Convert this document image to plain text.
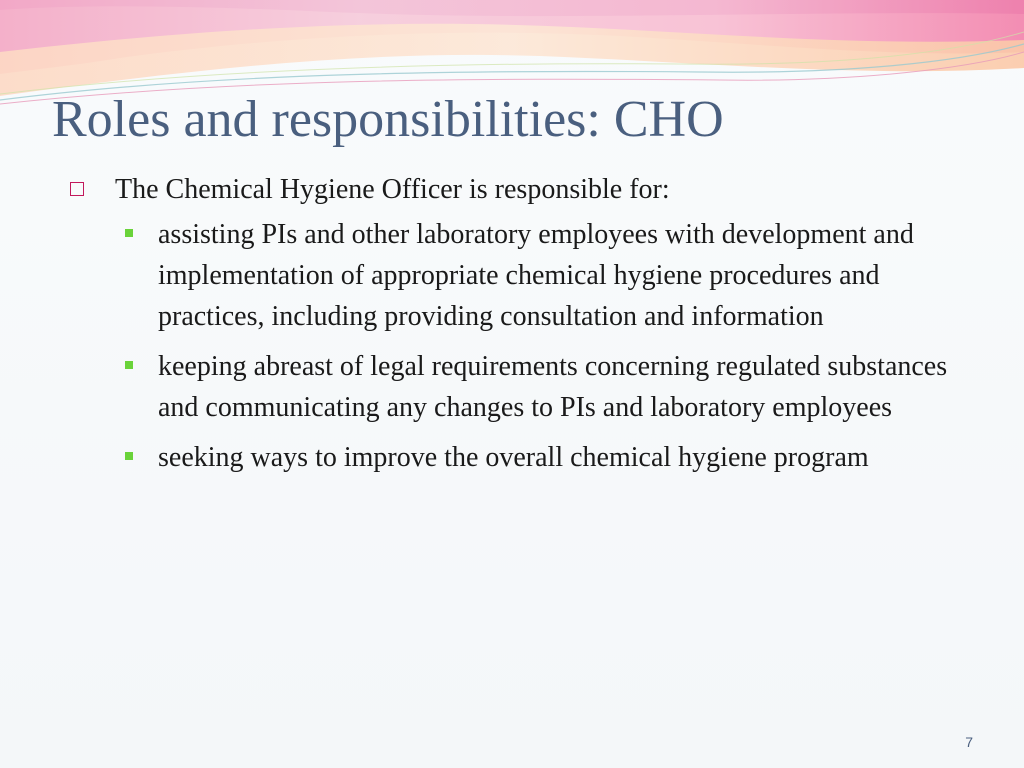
Roles and responsibilities: CHO
The Chemical Hygiene Officer is responsible for:
assisting PIs and other laboratory employees with development and implementation of appropriate chemical hygiene procedures and practices, including providing consultation and information
keeping abreast of legal requirements concerning regulated substances and communicating any changes to PIs and laboratory employees
seeking ways to improve the overall chemical hygiene program
7
